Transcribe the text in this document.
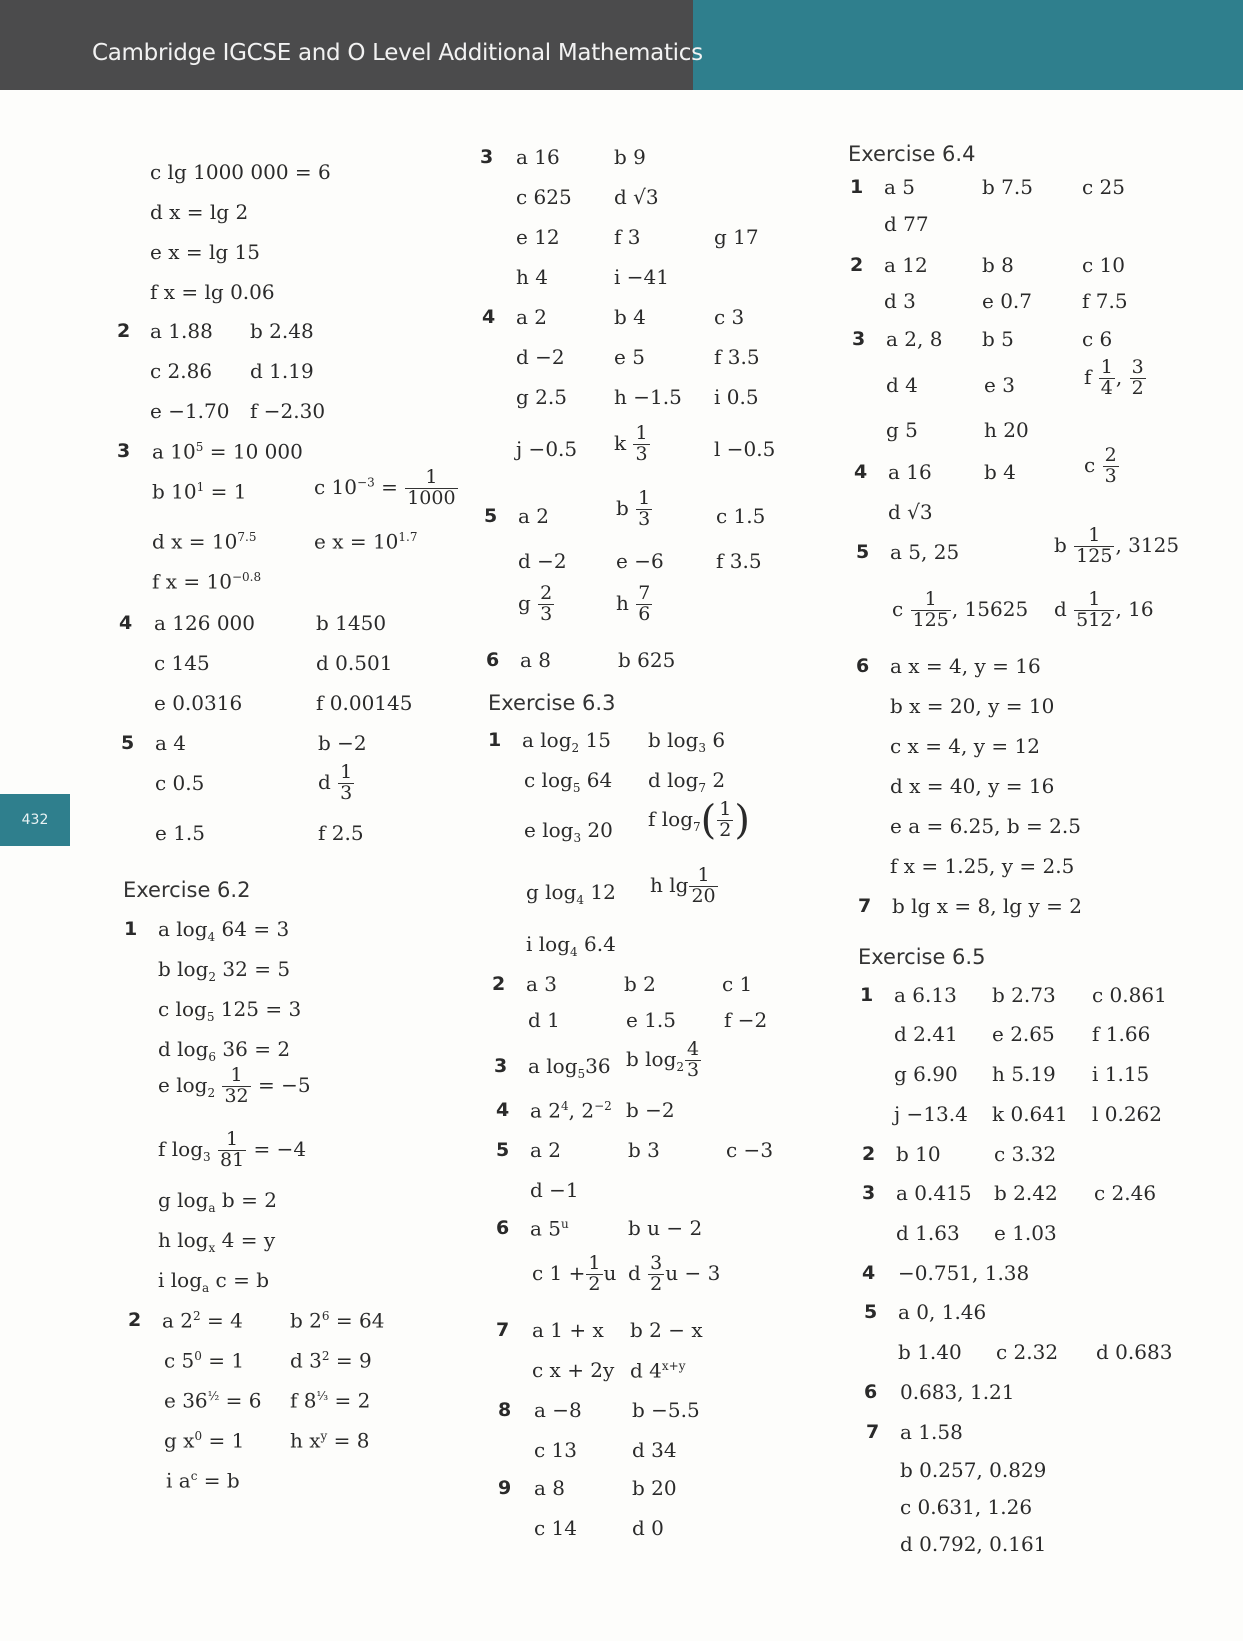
Cambridge IGCSE and O Level Additional Mathematics
432
c lg 1000 000 = 6
d x = lg 2
e x = lg 15
f x = lg 0.06
2 a 1.88 b 2.48
c 2.86 d 1.19
e −1.70 f −2.30
3 a $10^5 = 10$ 000
b $10^1 = 1$	c $10^{-3} = \frac{1}{1000}$
d $x = 10^{7.5}$	e $x = 10^{1.7}$
f $x = 10^{-0.8}$
4 a 126 000	b 1450
c 145	d 0.501
e 0.0316	f 0.00145
5 a 4	b −2
c 0.5	d $\frac{1}{3}$
e 1.5	f 2.5
Exercise 6.2
1 a $\log_4 64 = 3$
b $\log_2 32 = 5$
c $\log_5 125 = 3$
d $\log_6 36 = 2$
e $\log_2 \frac{1}{32} = -5$
f $\log_3 \frac{1}{81} = -4$
g $\log_a b = 2$
h $\log_x 4 = y$
i $\log_a c = b$
2 a $2^2 = 4$ b $2^6 = 64$
c $5^0 = 1$ d $3^2 = 9$
e $36^{\frac{1}{2}} = 6$ f $8^{\frac{1}{3}} = 2$
g $x^0 = 1$ h $x^y = 8$
i $a^c = b$
3 a 16	b 9
c 625 d √3
e 12	f 3	g 17
h 4	i −41
4 a 2	b 4	c 3
d −2 e 5	f 3.5
g 2.5 h −1.5 i 0.5
j −0.5 k $\frac{1}{3}$	l −0.5
5 a 2	b $\frac{1}{3}$	c 1.5
d −2 e −6	f 3.5
g $\frac{2}{3}$	h $\frac{7}{6}$
6 a 8	b 625
Exercise 6.3
1 a $\log_2 15$ b $\log_3 6$
c $\log_5 64$ d $\log_7 2$
e $\log_3 20$ f $\log_7( \frac{1}{2}$ )
g $\log_4 12$ h $\lg \frac{1}{20}$
i $\log_4 6.4$
2 a 3	b 2	c 1
d 1	e 1.5 f −2
3 a $\log_536$ b $\log_2 \frac{4}{3}$
4 a $2^4$, $2^{-2}$ b −2
5 a 2	b 3	c −3
d −1
6 a 5$^u$	b u − 2
c $1 + \frac{1}{2}$ u d $\frac{3}{2}$ u − 3
7 a 1 + x b 2 − x
c x + 2y d $4^{x+y}$
8 a −8	b −5.5
c 13	d 34
9 a 8	b 20
c 14	d 0
Exercise 6.4
1 a 5	b 7.5 c 25
d 77
2 a 12	b 8	c 10
d 3	e 0.7	f 7.5
3 a 2, 8 b 5	c 6
d 4	e 3	f $\frac{1}{4}$ , $\frac{3}{2}$
g 5	h 20
4 a 16	b 4	c $\frac{2}{3}$
d √3
5 a 5, 25	b $\frac{1}{125}$ , 3125
c $\frac{1}{125}$ , 15625 d $\frac{1}{512}$ , 16
6 a x = 4, y = 16
b x = 20, y = 10
c x = 4, y = 12
d x = 40, y = 16
e a = 6.25, b = 2.5
f x = 1.25, y = 2.5
7 b lg x = 8, lg y = 2
Exercise 6.5
1 a 6.13 b 2.73 c 0.861
d 2.41 e 2.65 f 1.66
g 6.90 h 5.19 i 1.15
j −13.4 k 0.641 l 0.262
2 b 10	c 3.32
3 a 0.415 b 2.42 c 2.46
d 1.63 e 1.03
4 −0.751, 1.38
5 a 0, 1.46
b 1.40 c 2.32 d 0.683
6 0.683, 1.21
7 a 1.58
b 0.257, 0.829
c 0.631, 1.26
d 0.792, 0.161
